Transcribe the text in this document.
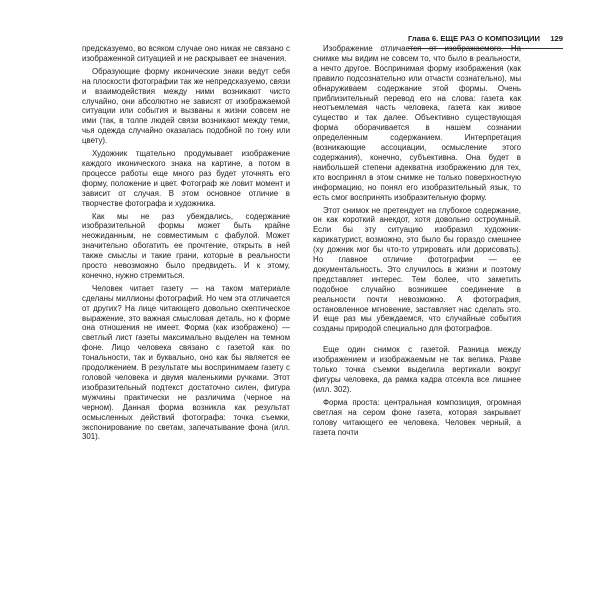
Глава 6. ЕЩЕ РАЗ О КОМПОЗИЦИИ 129

предсказуемо, во всяком случае оно никак не связано с изображенной ситуацией и не раскрывает ее значения.

Образующие форму иконические знаки ведут себя на плоскости фотографии так же непредсказуемо, связи и взаимодействия между ними возникают чисто случайно, они абсолютно не зависят от изображаемой ситуации или события и вызваны к жизни совсем не ими (так, в толпе людей связи возникают между теми, чья одежда случайно оказалась подобной по тону или цвету).

Художник тщательно продумывает изображение каждого иконического знака на картине, а потом в процессе работы еще много раз будет уточнять его форму, положение и цвет. Фотограф же ловит момент и зависит от случая. В этом основное отличие в творчестве фотографа и художника.

Как мы не раз убеждались, содержание изобразительной формы может быть крайне неожиданным, не совместимым с фабулой. Может значительно обогатить ее прочтение, открыть в ней также смыслы и такие грани, которые в реальности просто невозможно было предвидеть. И к этому, конечно, нужно стремиться.

Человек читает газету — на таком материале сделаны миллионы фотографий. Но чем эта отличается от других? На лице читающего довольно скептическое выражение, это важная смысловая деталь, но к форме она отношения не имеет. Форма (как изображено) — светлый лист газеты максимально выделен на темном фоне. Лицо человека связано с газетой как по тональности, так и буквально, оно как бы является ее продолжением. В результате мы воспринимаем газету с головой человека и двумя маленькими ручками. Этот изобразительный подтекст достаточно силен, фигура мужчины практически не различима (черное на черном). Данная форма возникла как результат осмысленных действий фотографа: точка съемки, экспонирование по светам, запечатывание фона (илл. 301).

Изображение отличается от изображаемого. На снимке мы видим не совсем то, что было в реальности, а нечто другое. Воспринимая форму изображения (как правило подсознательно или отчасти сознательно), мы обнаруживаем содержание этой формы. Очень приблизительный перевод его на слова: газета как неотъемлемая часть человека, газета как живое существо и так далее. Объективно существующая форма оборачивается в нашем сознании определенным содержанием. Интерпретация (возникающие ассоциации, осмысление этого содержания), конечно, субъективна. Она будет в наибольшей степени адекватна изображению для тех, кто воспринял в этом снимке не только поверхностную информацию, но понял его изобразительный язык, то есть смог воспринять изобразительную форму.

Этот снимок не претендует на глубокое содержание, он как короткий анекдот, хотя довольно остроумный. Если бы эту ситуацию изобразил художник-карикатурист, возможно, это было бы гораздо смешнее (ху дожник мог бы что-то утрировать или дорисовать). Но главное отличие фотографии — ее документальность. Это случилось в жизни и поэтому представляет интерес. Тем более, что заметить подобное случайно возникшее соединение в реальности почти невозможно. А фотография, остановленное мгновение, заставляет нас сделать это. И еще раз мы убеждаемся, что случайные события созданы природой специально для фотографов.

Еще один снимок с газетой. Разница между изображением и изображаемым не так велика. Разве только точка съемки выделила вертикали вокруг фигуры человека, да рамка кадра отсекла все лишнее (илл. 302).

Форма проста: центральная композиция, огромная светлая на сером фоне газета, которая закрывает голову читающего ее человека. Человек черный, а газета почти
